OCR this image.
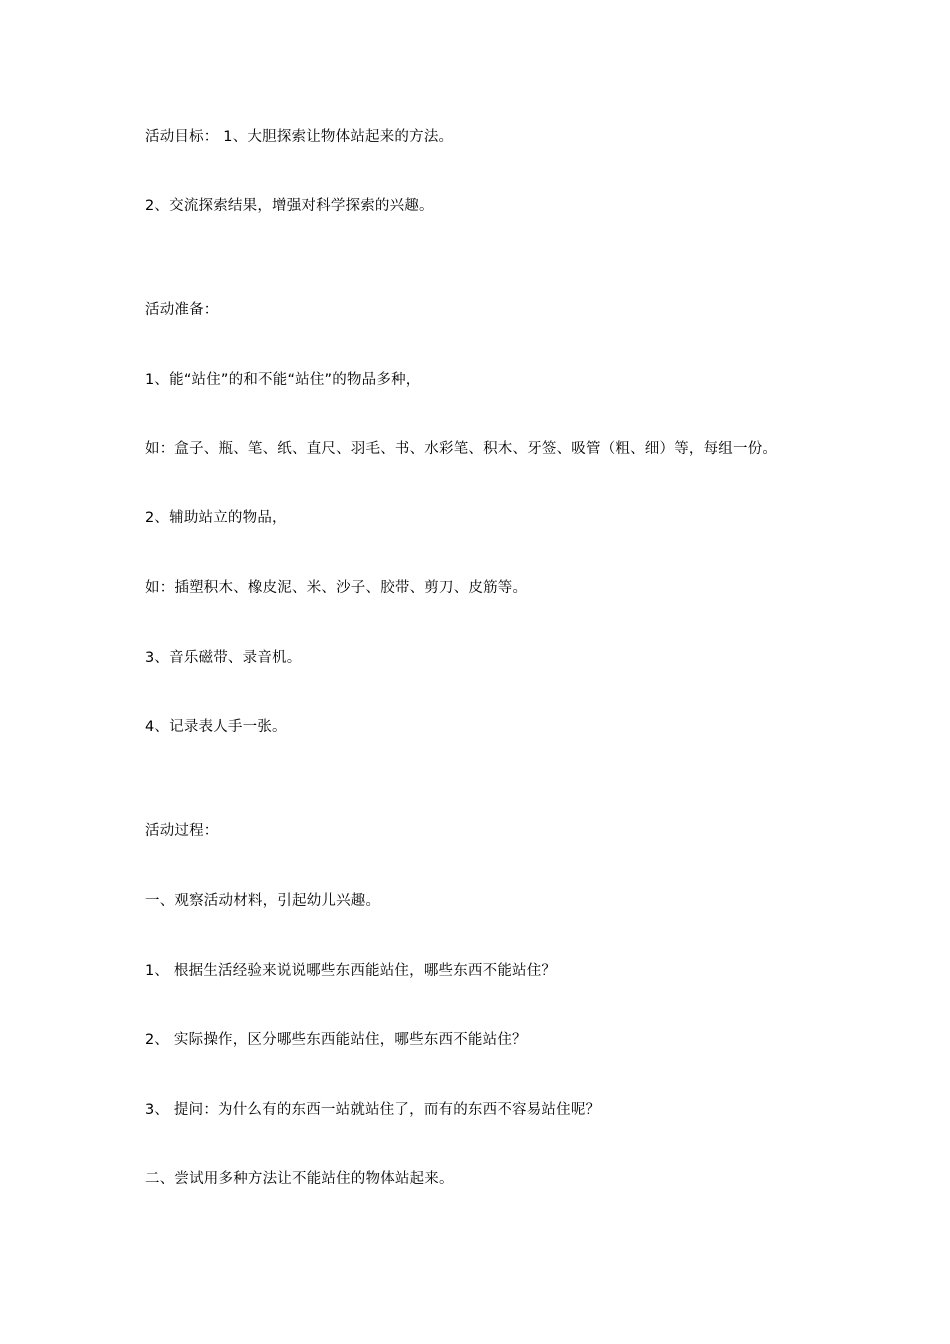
活动目标： 1、大胆探索让物体站起来的方法。
2、交流探索结果，增强对科学探索的兴趣。
活动准备：
1、能“站住”的和不能“站住”的物品多种，
如：盒子、瓶、笔、纸、直尺、羽毛、书、水彩笔、积木、牙签、吸管（粗、细）等，每组一份。
2、辅助站立的物品，
如：插塑积木、橡皮泥、米、沙子、胶带、剪刀、皮筋等。
3、音乐磁带、录音机。
4、记录表人手一张。
活动过程：
一、观察活动材料，引起幼儿兴趣。
1、 根据生活经验来说说哪些东西能站住，哪些东西不能站住？
2、 实际操作，区分哪些东西能站住，哪些东西不能站住？
3、 提问：为什么有的东西一站就站住了，而有的东西不容易站住呢？
二、尝试用多种方法让不能站住的物体站起来。
